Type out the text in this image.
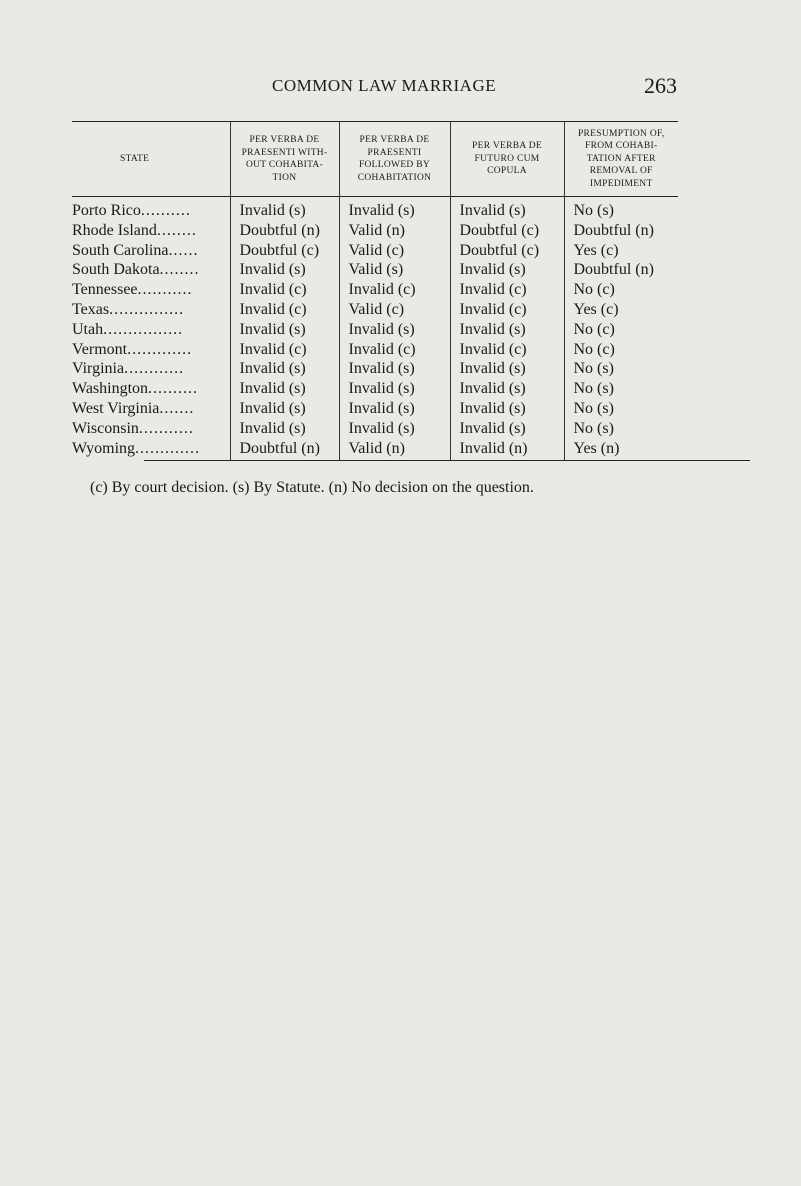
COMMON LAW MARRIAGE	263
STATE	PER VERBA DE PRAESENTI WITH-OUT COHABITA-TION	PER VERBA DE PRAESENTI FOLLOWED BY COHABITATION	PER VERBA DE FUTURO CUM COPULA	PRESUMPTION OF, FROM COHABI-TATION AFTER REMOVAL OF IMPEDIMENT
Porto Rico..........	Invalid (s)	Invalid (s)	Invalid (s)	No (s)
Rhode Island........	Doubtful (n)	Valid (n)	Doubtful (c)	Doubtful (n)
South Carolina......	Doubtful (c)	Valid (c)	Doubtful (c)	Yes (c)
South Dakota........	Invalid (s)	Valid (s)	Invalid (s)	Doubtful (n)
Tennessee...........	Invalid (c)	Invalid (c)	Invalid (c)	No (c)
Texas...............	Invalid (c)	Valid (c)	Invalid (c)	Yes (c)
Utah................	Invalid (s)	Invalid (s)	Invalid (s)	No (c)
Vermont.............	Invalid (c)	Invalid (c)	Invalid (c)	No (c)
Virginia............	Invalid (s)	Invalid (s)	Invalid (s)	No (s)
Washington..........	Invalid (s)	Invalid (s)	Invalid (s)	No (s)
West Virginia.......	Invalid (s)	Invalid (s)	Invalid (s)	No (s)
Wisconsin...........	Invalid (s)	Invalid (s)	Invalid (s)	No (s)
Wyoming.............	Doubtful (n)	Valid (n)	Invalid (n)	Yes (n)
(c) By court decision. (s) By Statute. (n) No decision on the question.
